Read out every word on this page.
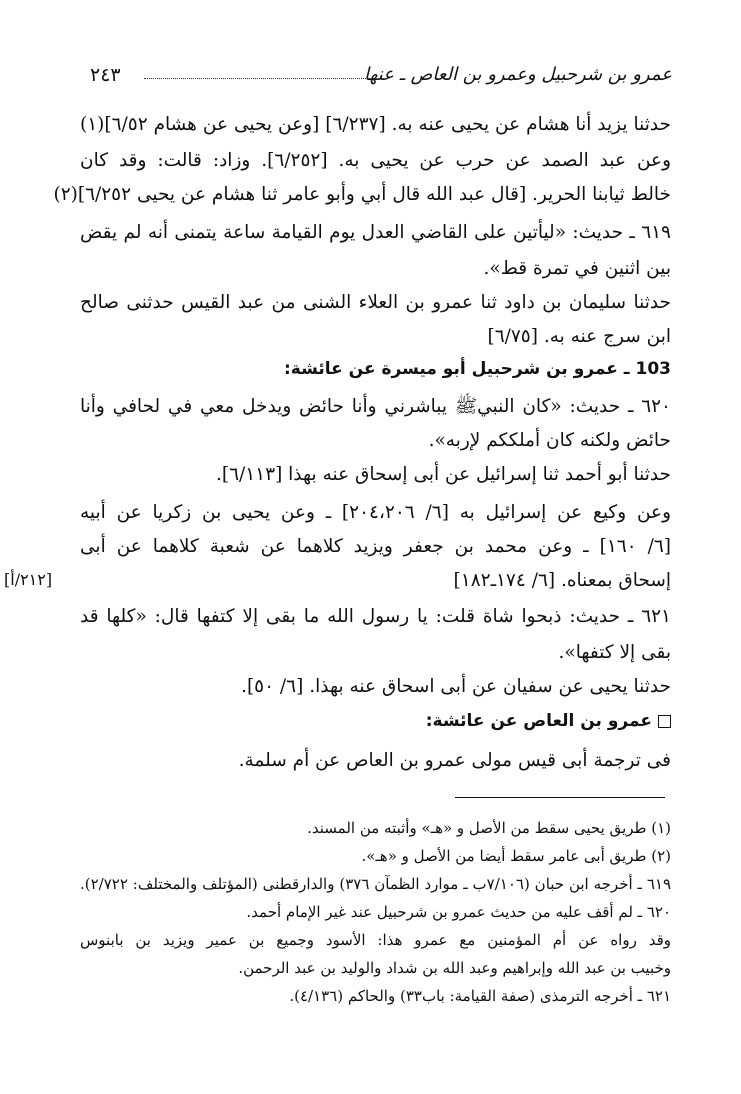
عمرو بن شرحبيل وعمرو بن العاص ـ عنها
٢٤٣
حدثنا يزيد أنا هشام عن يحيى عنه به. [٦/٢٣٧] [وعن يحيى عن هشام ٦/٥٢](١)
وعن عبد الصمد عن حرب عن يحيى به. [٦/٢٥٢]. وزاد: قالت: وقد كان
خالط ثيابنا الحرير. [قال عبد الله قال أبي وأبو عامر ثنا هشام عن يحيى ٦/٢٥٢](٢)
٦١٩ ـ حديث: «ليأتين على القاضي العدل يوم القيامة ساعة يتمنى أنه لم يقض
بين اثنين في تمرة قط».
حدثنا سليمان بن داود ثنا عمرو بن العلاء الشنى من عبد القيس حدثنى صالح
ابن سرج عنه به. [٦/٧٥]
103 ـ عمرو بن شرحبيل أبو ميسرة عن عائشة:
٦٢٠ ـ حديث: «كان النبيﷺ يباشرني وأنا حائض ويدخل معي في لحافي وأنا
حائض ولكنه كان أملككم لإربه».
حدثنا أبو أحمد ثنا إسرائيل عن أبى إسحاق عنه بهذا [٦/١١٣].
وعن وكيع عن إسرائيل به [٦/ ٢٠٤،٢٠٦] ـ وعن يحيى بن زكريا عن أبيه
[٦/ ١٦٠] ـ وعن محمد بن جعفر ويزيد كلاهما عن شعبة كلاهما عن أبى
إسحاق بمعناه. [٦/ ١٧٤ـ١٨٢]
[٢١٢/أ]
٦٢١ ـ حديث: ذبحوا شاة قلت: يا رسول الله ما بقى إلا كتفها قال: «كلها قد
بقى إلا كتفها».
حدثنا يحيى عن سفيان عن أبى اسحاق عنه بهذا. [٦/ ٥٠].
عمرو بن العاص عن عائشة:
فى ترجمة أبى قيس مولى عمرو بن العاص عن أم سلمة.
(١) طريق يحيى سقط من الأصل و «هـ» وأثبته من المسند.
(٢) طريق أبى عامر سقط أيضا من الأصل و «هـ».
٦١٩ ـ أخرجه ابن حبان (٧/١٠٦ب ـ موارد الظمآن ٣٧٦) والدارقطنى (المؤتلف والمختلف: ٢/٧٢٢).
٦٢٠ ـ لم أقف عليه من حديث عمرو بن شرحبيل عند غير الإمام أحمد.
وقد رواه عن أم المؤمنين مع عمرو هذا: الأسود وجميع بن عمير ويزيد بن بابنوس
وخبيب بن عبد الله وإبراهيم وعبد الله بن شداد والوليد بن عبد الرحمن.
٦٢١ ـ أخرجه الترمذى (صفة القيامة: باب٣٣) والحاكم (٤/١٣٦).
